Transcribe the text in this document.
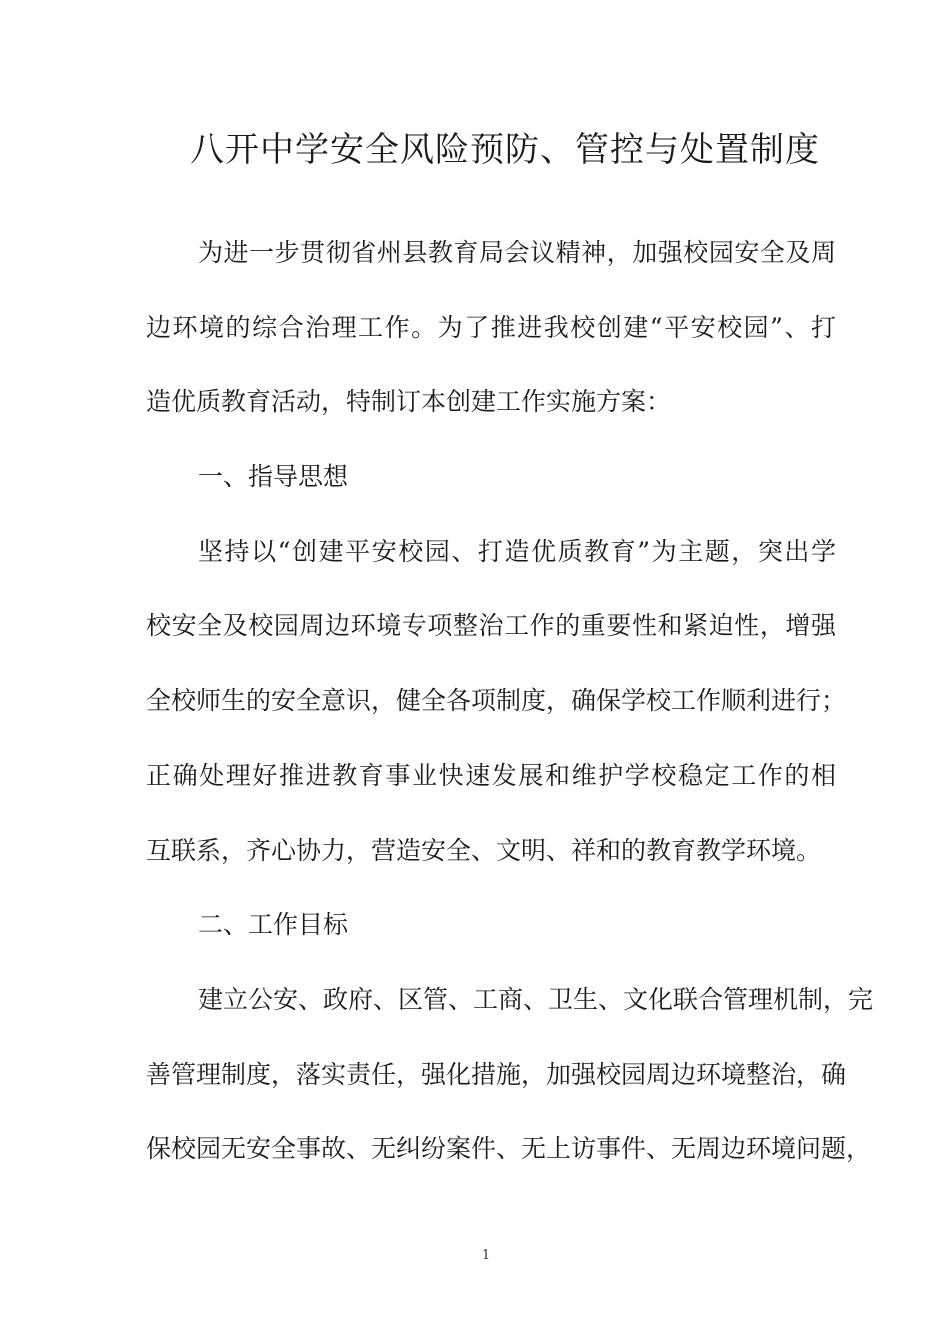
八开中学安全风险预防、管控与处置制度
为进一步贯彻省州县教育局会议精神，加强校园安全及周
边环境的综合治理工作。为了推进我校创建“平安校园”、打
造优质教育活动，特制订本创建工作实施方案：
一、指导思想
坚持以“创建平安校园、打造优质教育”为主题，突出学
校安全及校园周边环境专项整治工作的重要性和紧迫性，增强
全校师生的安全意识，健全各项制度，确保学校工作顺利进行；
正确处理好推进教育事业快速发展和维护学校稳定工作的相
互联系，齐心协力，营造安全、文明、祥和的教育教学环境。
二、工作目标
建立公安、政府、区管、工商、卫生、文化联合管理机制，完
善管理制度，落实责任，强化措施，加强校园周边环境整治，确
保校园无安全事故、无纠纷案件、无上访事件、无周边环境问题，
1
